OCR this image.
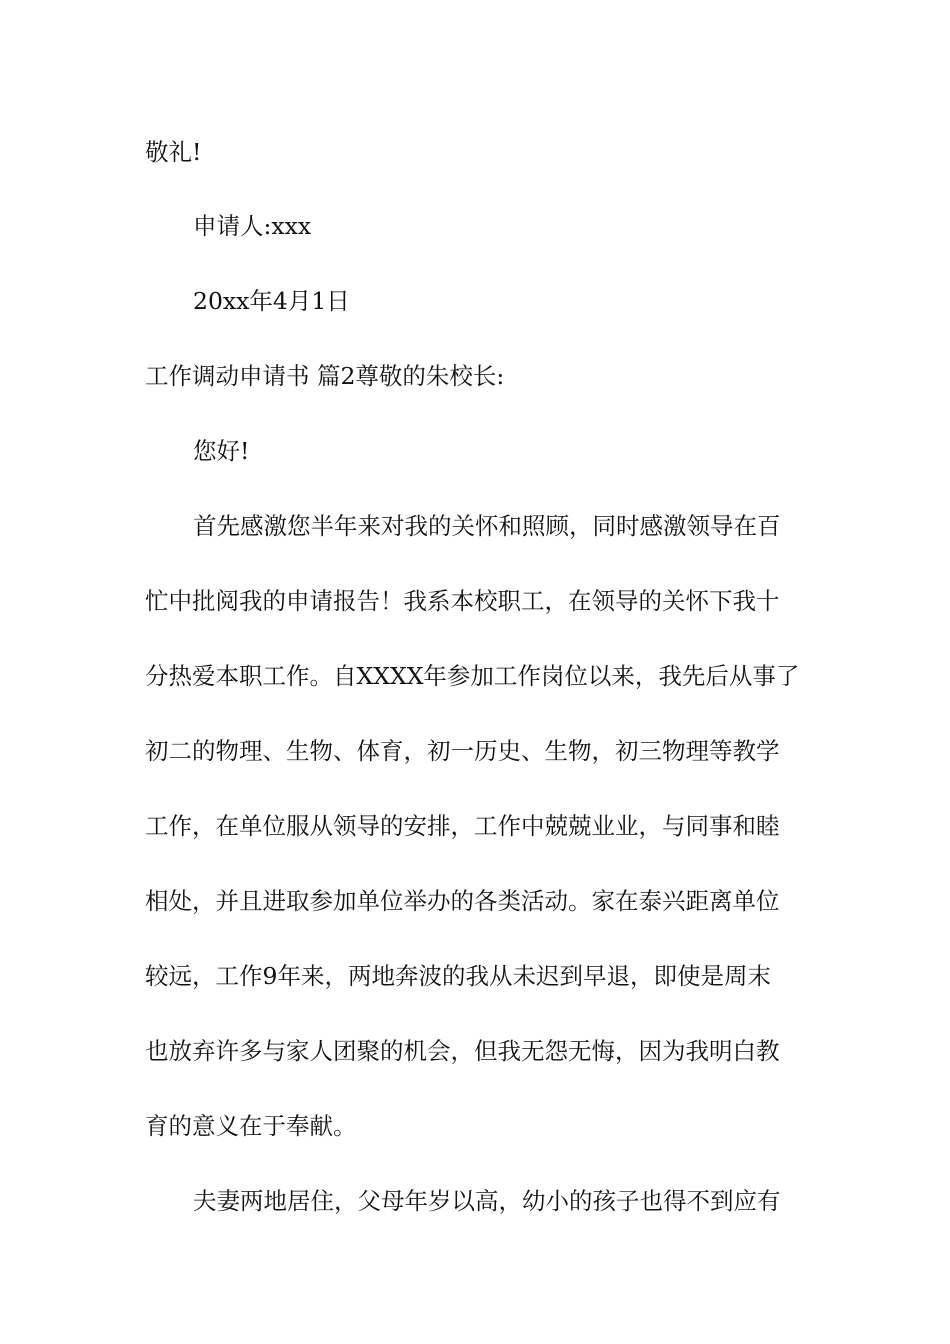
敬礼!
申请人:xxx
20xx年4月1日
工作调动申请书 篇2尊敬的朱校长:
您好!
首先感激您半年来对我的关怀和照顾，同时感激领导在百
忙中批阅我的申请报告！我系本校职工，在领导的关怀下我十
分热爱本职工作。自XXXX年参加工作岗位以来，我先后从事了
初二的物理、生物、体育，初一历史、生物，初三物理等教学
工作，在单位服从领导的安排，工作中兢兢业业，与同事和睦
相处，并且进取参加单位举办的各类活动。家在泰兴距离单位
较远，工作9年来，两地奔波的我从未迟到早退，即使是周末
也放弃许多与家人团聚的机会，但我无怨无悔，因为我明白教
育的意义在于奉献。
夫妻两地居住，父母年岁以高，幼小的孩子也得不到应有
